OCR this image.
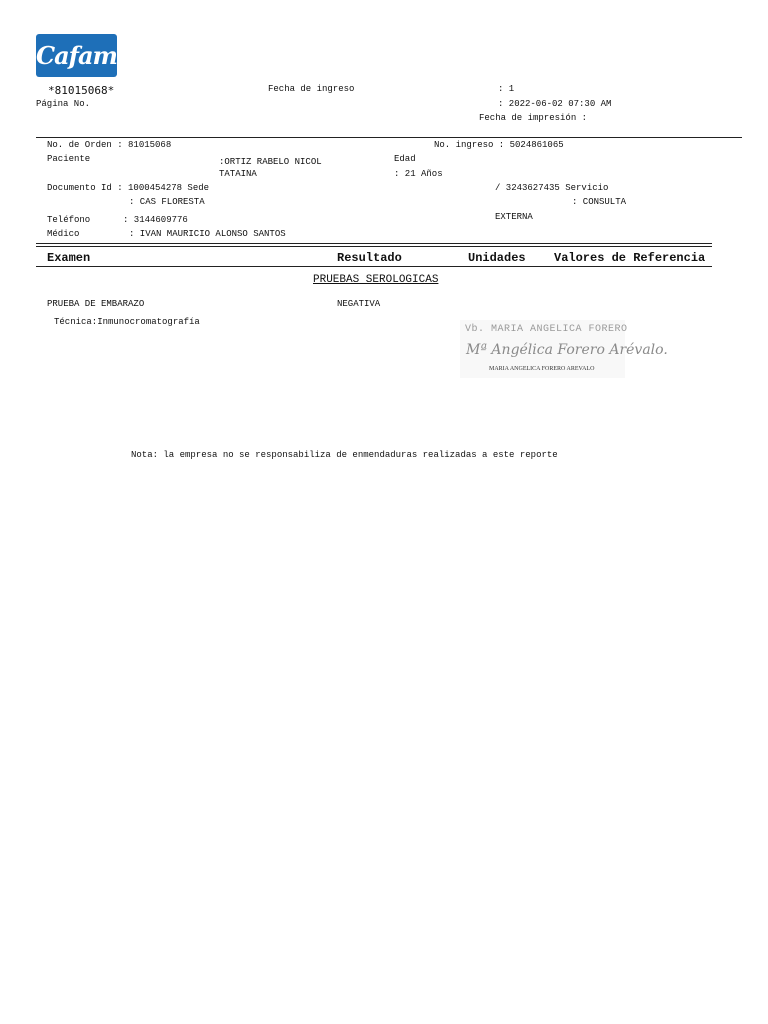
Cafam
*81015068*
Página No.
Fecha de ingreso	: 1
: 2022-06-02 07:30 AM
Fecha de impresión :
No. de Orden : 81015068	No. ingreso : 5024861065
Paciente	:ORTIZ RABELO NICOL
TATAINA
Edad
: 21 Años
Documento Id : 1000454278 Sede	/ 3243627435 Servicio
: CAS FLORESTA	: CONSULTA
Teléfono	: 3144609776	EXTERNA
Médico	: IVAN MAURICIO ALONSO SANTOS
Examen	Resultado	Unidades Valores de Referencia
PRUEBAS SEROLOGICAS
PRUEBA DE EMBARAZO	NEGATIVA
Técnica:Inmunocromatografía
Vb. MARIA ANGELICA FORERO
Mª Angélica Forero Arévalo.
MARIA ANGELICA FORERO AREVALO
Nota: la empresa no se responsabiliza de enmendaduras realizadas a este reporte
